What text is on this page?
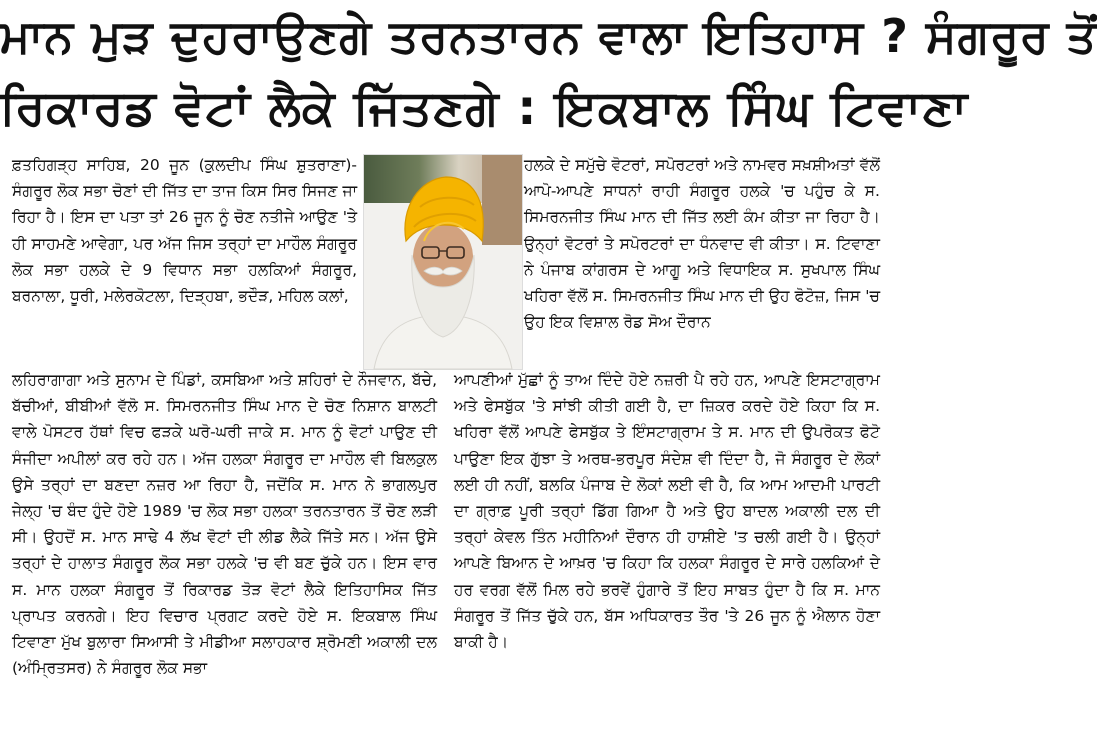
ਮਾਨ ਮੁੜ ਦੁਹਰਾਉਣਗੇ ਤਰਨਤਾਰਨ ਵਾਲਾ ਇਤਿਹਾਸ ? ਸੰਗਰੂਰ ਤੋਂ
ਰਿਕਾਰਡ ਵੋਟਾਂ ਲੈਕੇ ਜਿੱਤਣਗੇ : ਇਕਬਾਲ ਸਿੰਘ ਟਿਵਾਣਾ

ਫ਼ਤਹਿਗੜ੍ਹ ਸਾਹਿਬ, 20 ਜੂਨ (ਕੁਲਦੀਪ ਸਿੰਘ ਸ਼ੁਤਰਾਣਾ)-ਸੰਗਰੂਰ ਲੋਕ ਸਭਾ ਚੋਣਾਂ ਦੀ ਜਿੱਤ ਦਾ ਤਾਜ ਕਿਸ ਸਿਰ ਸਿਜਣ ਜਾ ਰਿਹਾ ਹੈ। ਇਸ ਦਾ ਪਤਾ ਤਾਂ 26 ਜੂਨ ਨੂੰ ਚੋਣ ਨਤੀਜੇ ਆਉਣ 'ਤੇ ਹੀ ਸਾਹਮਣੇ ਆਵੇਗਾ, ਪਰ ਅੱਜ ਜਿਸ ਤਰ੍ਹਾਂ ਦਾ ਮਾਹੌਲ ਸੰਗਰੂਰ ਲੋਕ ਸਭਾ ਹਲਕੇ ਦੇ 9 ਵਿਧਾਨ ਸਭਾ ਹਲਕਿਆਂ ਸੰਗਰੂਰ, ਬਰਨਾਲਾ, ਧੂਰੀ, ਮਲੇਰਕੋਟਲਾ, ਦਿੜ੍ਹਬਾ, ਭਦੌੜ, ਮਹਿਲ ਕਲਾਂ,

ਲਹਿਰਾਗਾਗਾ ਅਤੇ ਸੁਨਾਮ ਦੇ ਪਿੰਡਾਂ, ਕਸਬਿਆ ਅਤੇ ਸ਼ਹਿਰਾਂ ਦੇ ਨੌਜਵਾਨ, ਬੱਚੇ, ਬੱਚੀਆਂ, ਬੀਬੀਆਂ ਵੱਲੋ ਸ. ਸਿਮਰਨਜੀਤ ਸਿੰਘ ਮਾਨ ਦੇ ਚੋਣ ਨਿਸ਼ਾਨ ਬਾਲਟੀ ਵਾਲੇ ਪੋਸਟਰ ਹੱਥਾਂ ਵਿਚ ਫੜਕੇ ਘਰੋ-ਘਰੀ ਜਾਕੇ ਸ. ਮਾਨ ਨੂੰ ਵੋਟਾਂ ਪਾਉਣ ਦੀ ਸੰਜੀਦਾ ਅਪੀਲਾਂ ਕਰ ਰਹੇ ਹਨ। ਅੱਜ ਹਲਕਾ ਸੰਗਰੂਰ ਦਾ ਮਾਹੌਲ ਵੀ ਬਿਲਕੁਲ ਉਸੇ ਤਰ੍ਹਾਂ ਦਾ ਬਣਦਾ ਨਜ਼ਰ ਆ ਰਿਹਾ ਹੈ, ਜਦੋਂਕਿ ਸ. ਮਾਨ ਨੇ ਭਾਗਲਪੁਰ ਜੇਲ੍ਹ 'ਚ ਬੰਦ ਹੁੰਦੇ ਹੋਏ 1989 'ਚ ਲੋਕ ਸਭਾ ਹਲਕਾ ਤਰਨਤਾਰਨ ਤੋਂ ਚੋਣ ਲੜੀ ਸੀ। ਉਹਦੋਂ ਸ. ਮਾਨ ਸਾਢੇ 4 ਲੱਖ ਵੋਟਾਂ ਦੀ ਲੀਡ ਲੈਕੇ ਜਿੱਤੇ ਸਨ। ਅੱਜ ਉਸੇ ਤਰ੍ਹਾਂ ਦੇ ਹਾਲਾਤ ਸੰਗਰੂਰ ਲੋਕ ਸਭਾ ਹਲਕੇ 'ਚ ਵੀ ਬਣ ਚੁੱਕੇ ਹਨ। ਇਸ ਵਾਰ ਸ. ਮਾਨ ਹਲਕਾ ਸੰਗਰੂਰ ਤੋਂ ਰਿਕਾਰਡ ਤੋੜ ਵੋਟਾਂ ਲੈਕੇ ਇਤਿਹਾਸਿਕ ਜਿੱਤ ਪ੍ਰਾਪਤ ਕਰਨਗੇ। ਇਹ ਵਿਚਾਰ ਪ੍ਰਗਟ ਕਰਦੇ ਹੋਏ ਸ. ਇਕਬਾਲ ਸਿੰਘ ਟਿਵਾਣਾ ਮੁੱਖ ਬੁਲਾਰਾ ਸਿਆਸੀ ਤੇ ਮੀਡੀਆ ਸਲਾਹਕਾਰ ਸ਼੍ਰੋਮਣੀ ਅਕਾਲੀ ਦਲ (ਅੰਮ੍ਰਿਤਸਰ) ਨੇ ਸੰਗਰੂਰ ਲੋਕ ਸਭਾ

ਹਲਕੇ ਦੇ ਸਮੁੱਚੇ ਵੋਟਰਾਂ, ਸਪੋਰਟਰਾਂ ਅਤੇ ਨਾਮਵਰ ਸਖ਼ਸ਼ੀਅਤਾਂ ਵੱਲੋਂ ਆਪੋ-ਆਪਣੇ ਸਾਧਨਾਂ ਰਾਹੀ ਸੰਗਰੂਰ ਹਲਕੇ 'ਚ ਪਹੁੰਚ ਕੇ ਸ. ਸਿਮਰਨਜੀਤ ਸਿੰਘ ਮਾਨ ਦੀ ਜਿੱਤ ਲਈ ਕੰਮ ਕੀਤਾ ਜਾ ਰਿਹਾ ਹੈ। ਉਨ੍ਹਾਂ ਵੋਟਰਾਂ ਤੇ ਸਪੋਰਟਰਾਂ ਦਾ ਧੰਨਵਾਦ ਵੀ ਕੀਤਾ। ਸ. ਟਿਵਾਣਾ ਨੇ ਪੰਜਾਬ ਕਾਂਗਰਸ ਦੇ ਆਗੂ ਅਤੇ ਵਿਧਾਇਕ ਸ. ਸੁਖਪਾਲ ਸਿੰਘ ਖਹਿਰਾ ਵੱਲੋਂ ਸ. ਸਿਮਰਨਜੀਤ ਸਿੰਘ ਮਾਨ ਦੀ ਉਹ ਫੋਟੋਜ਼, ਜਿਸ 'ਚ ਉਹ ਇਕ ਵਿਸ਼ਾਲ ਰੋਡ ਸੋਅ ਦੌਰਾਨ

ਆਪਣੀਆਂ ਮੁੱਛਾਂ ਨੂੰ ਤਾਅ ਦਿੰਦੇ ਹੋਏ ਨਜ਼ਰੀ ਪੈ ਰਹੇ ਹਨ, ਆਪਣੇ ਇਸਟਾਗ੍ਰਾਮ ਅਤੇ ਫੇਸਬੁੱਕ 'ਤੇ ਸਾਂਝੀ ਕੀਤੀ ਗਈ ਹੈ, ਦਾ ਜ਼ਿਕਰ ਕਰਦੇ ਹੋਏ ਕਿਹਾ ਕਿ ਸ. ਖਹਿਰਾ ਵੱਲੋਂ ਆਪਣੇ ਫੇਸਬੁੱਕ ਤੇ ਇੰਸਟਾਗ੍ਰਾਮ ਤੇ ਸ. ਮਾਨ ਦੀ ਉਪਰੋਕਤ ਫੋਟੋ ਪਾਉਣਾ ਇਕ ਗੁੱਝਾ ਤੇ ਅਰਥ-ਭਰਪੂਰ ਸੰਦੇਸ਼ ਵੀ ਦਿੰਦਾ ਹੈ, ਜੋ ਸੰਗਰੂਰ ਦੇ ਲੋਕਾਂ ਲਈ ਹੀ ਨਹੀਂ, ਬਲਕਿ ਪੰਜਾਬ ਦੇ ਲੋਕਾਂ ਲਈ ਵੀ ਹੈ, ਕਿ ਆਮ ਆਦਮੀ ਪਾਰਟੀ ਦਾ ਗ੍ਰਾਫ਼ ਪੂਰੀ ਤਰ੍ਹਾਂ ਡਿੱਗ ਗਿਆ ਹੈ ਅਤੇ ਉਹ ਬਾਦਲ ਅਕਾਲੀ ਦਲ ਦੀ ਤਰ੍ਹਾਂ ਕੇਵਲ ਤਿੰਨ ਮਹੀਨਿਆਂ ਦੌਰਾਨ ਹੀ ਹਾਸ਼ੀਏ 'ਤ ਚਲੀ ਗਈ ਹੈ। ਉਨ੍ਹਾਂ ਆਪਣੇ ਬਿਆਨ ਦੇ ਆਖ਼ਰ 'ਚ ਕਿਹਾ ਕਿ ਹਲਕਾ ਸੰਗਰੂਰ ਦੇ ਸਾਰੇ ਹਲਕਿਆਂ ਦੇ ਹਰ ਵਰਗ ਵੱਲੋਂ ਮਿਲ ਰਹੇ ਭਰਵੇਂ ਹੁੰਗਾਰੇ ਤੋਂ ਇਹ ਸਾਬਤ ਹੁੰਦਾ ਹੈ ਕਿ ਸ. ਮਾਨ ਸੰਗਰੂਰ ਤੋਂ ਜਿੱਤ ਚੁੱਕੇ ਹਨ, ਬੱਸ ਅਧਿਕਾਰਤ ਤੌਰ 'ਤੇ 26 ਜੂਨ ਨੂੰ ਐਲਾਨ ਹੋਣਾ ਬਾਕੀ ਹੈ।
